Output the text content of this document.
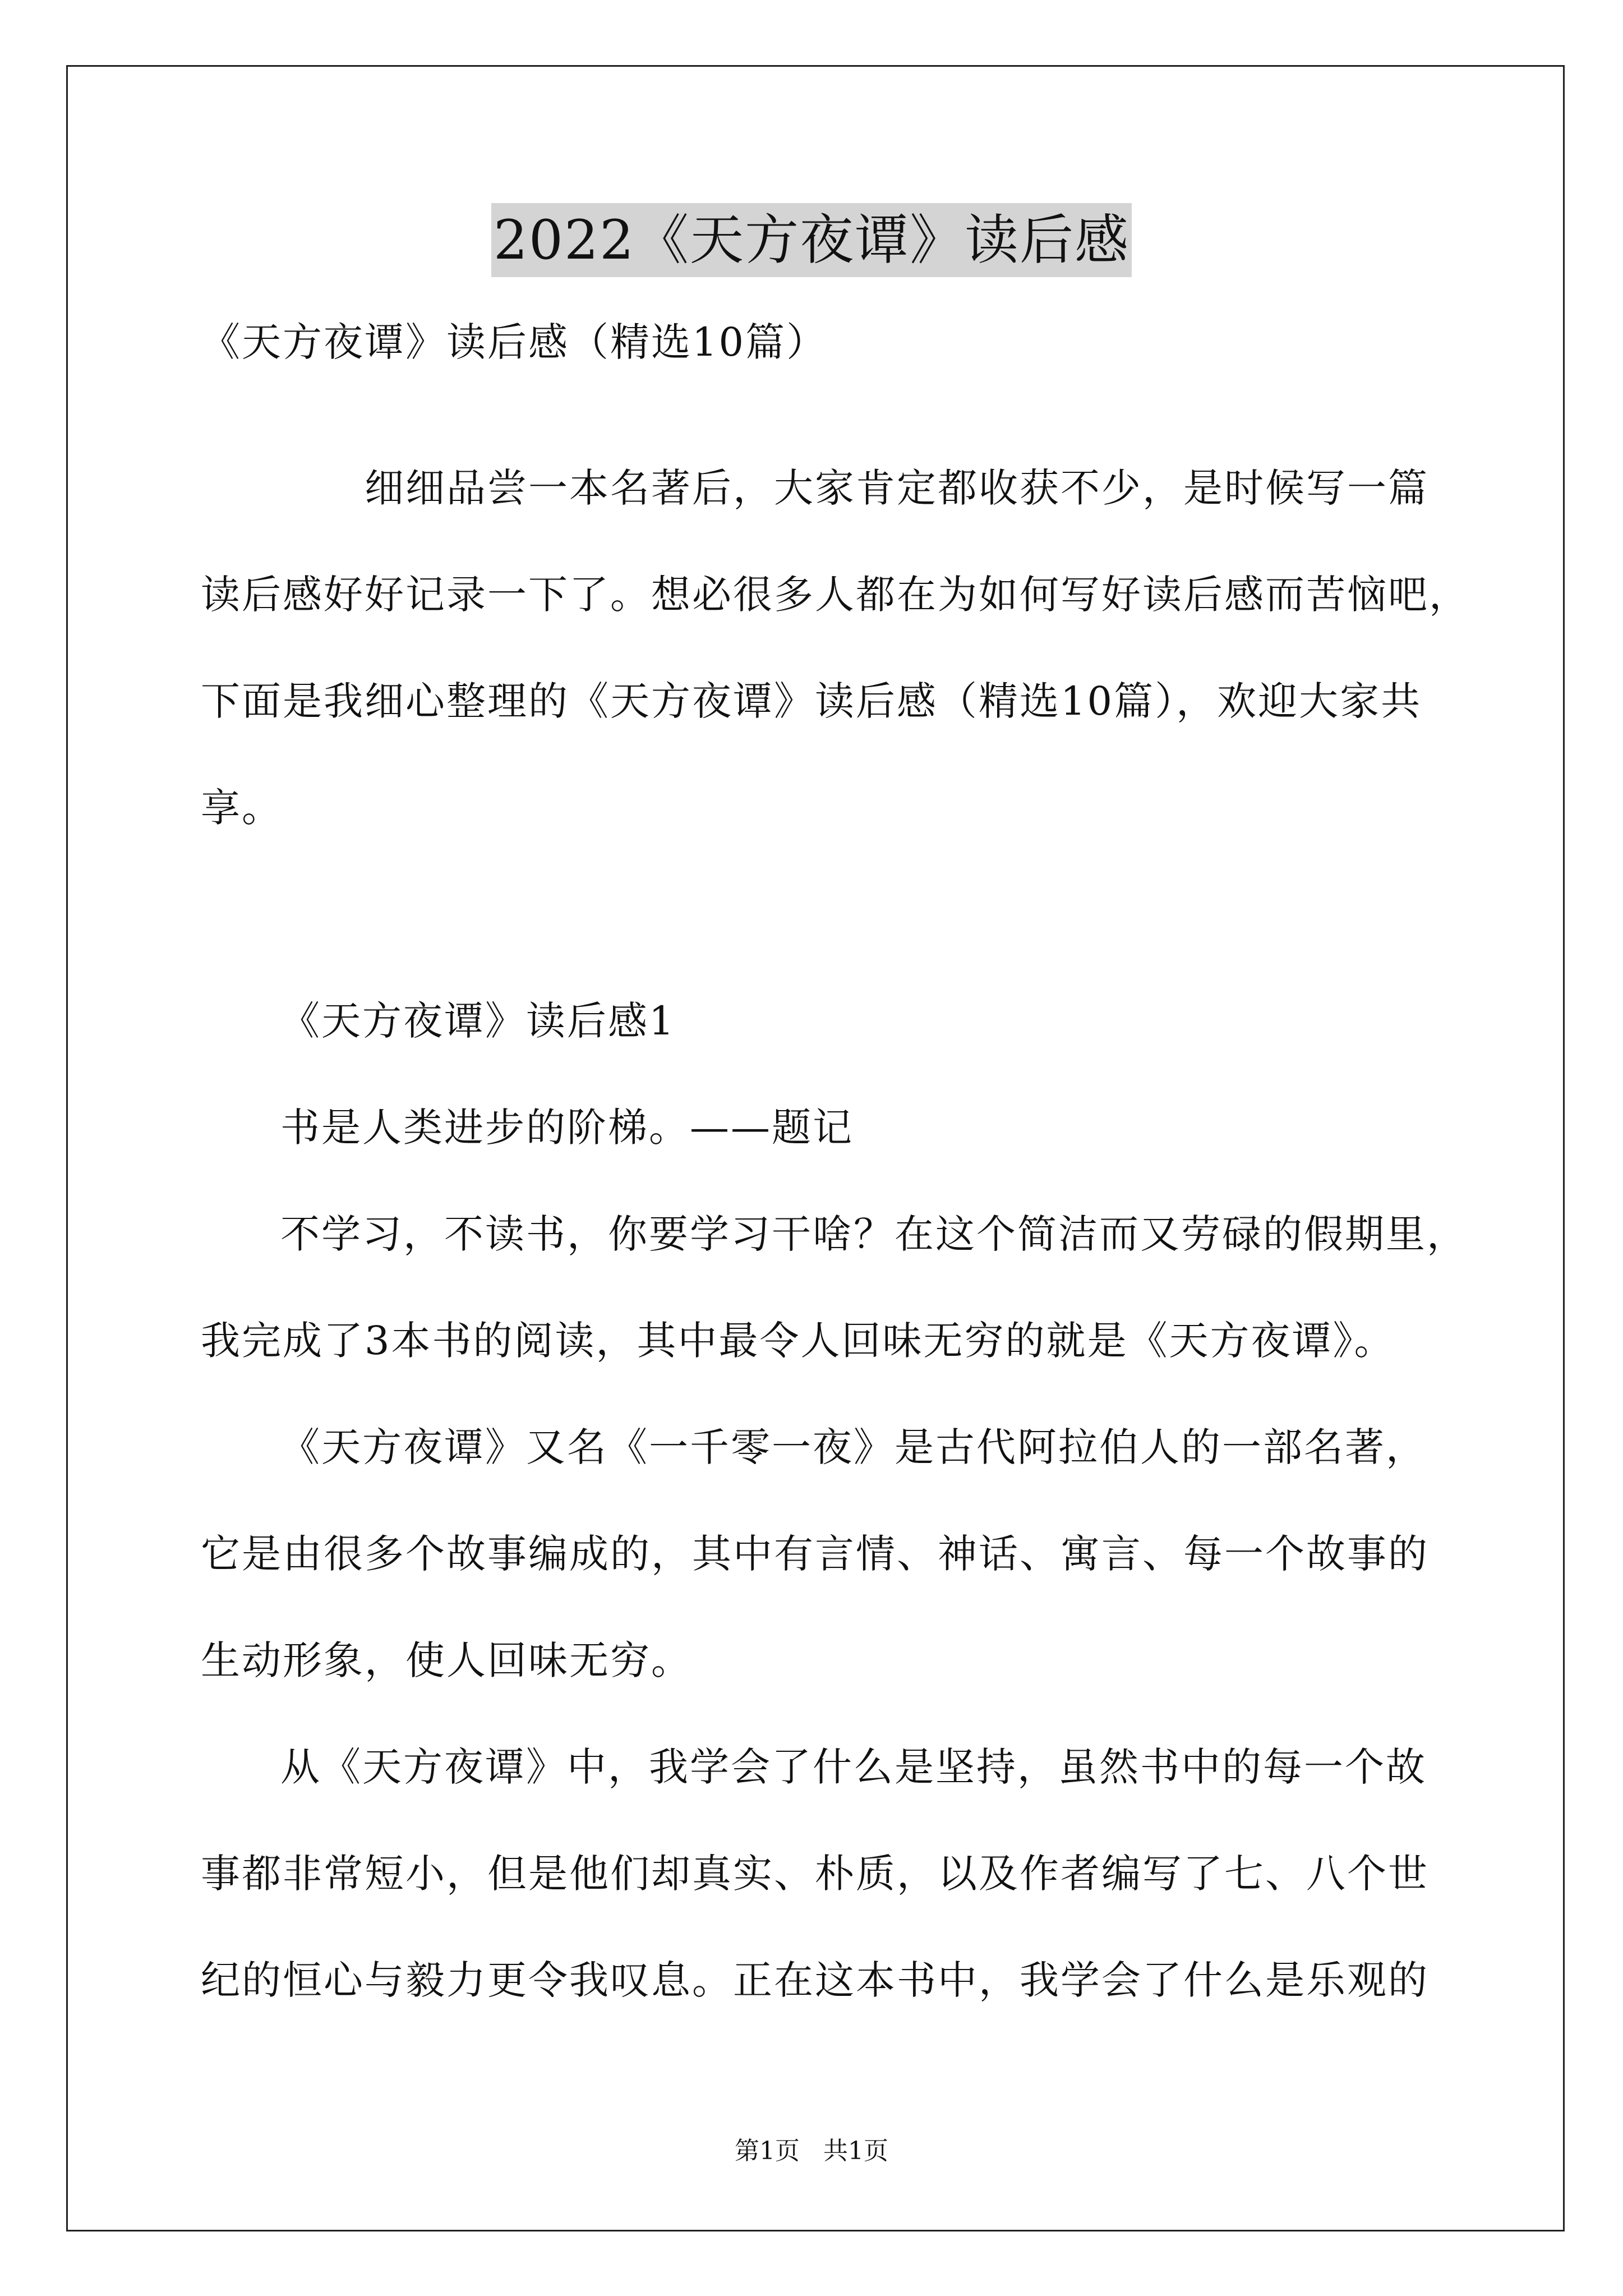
2022《天方夜谭》读后感
《天方夜谭》读后感（精选10篇）
细细品尝一本名著后，大家肯定都收获不少，是时候写一篇
读后感好好记录一下了。想必很多人都在为如何写好读后感而苦恼吧，
下面是我细心整理的《天方夜谭》读后感（精选10篇），欢迎大家共
享。
《天方夜谭》读后感1
书是人类进步的阶梯。——题记
不学习，不读书，你要学习干啥？在这个简洁而又劳碌的假期里，
我完成了3本书的阅读，其中最令人回味无穷的就是《天方夜谭》。
《天方夜谭》又名《一千零一夜》是古代阿拉伯人的一部名著，
它是由很多个故事编成的，其中有言情、神话、寓言、每一个故事的
生动形象，使人回味无穷。
从《天方夜谭》中，我学会了什么是坚持，虽然书中的每一个故
事都非常短小，但是他们却真实、朴质，以及作者编写了七、八个世
纪的恒心与毅力更令我叹息。正在这本书中，我学会了什么是乐观的
第1页   共1页
